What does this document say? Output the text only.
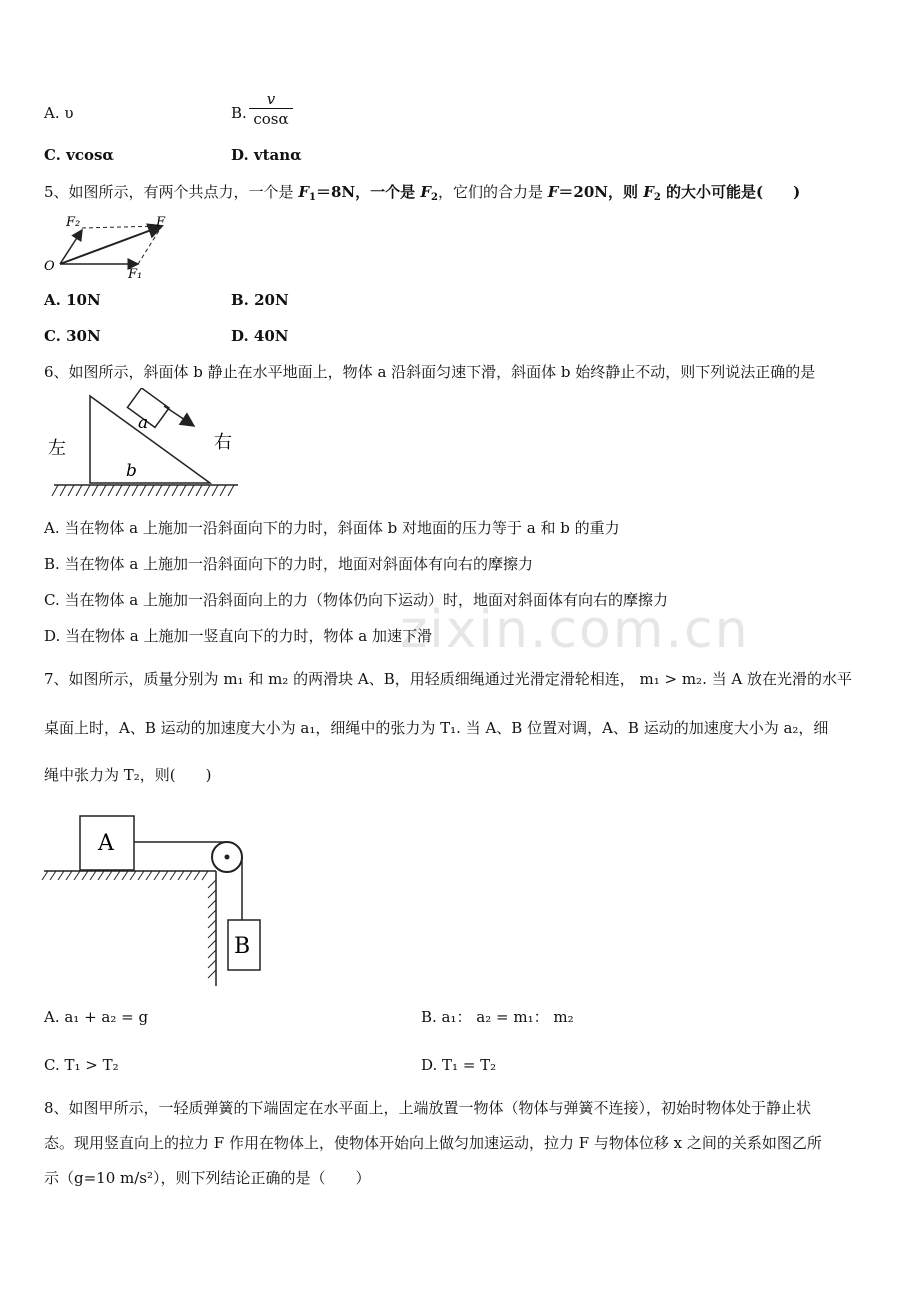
zixin.com.cn
A. υ	B. $\frac{v}{\cos\alpha}$
C. vcosα	D. vtanα
5、如图所示，有两个共点力，一个是 $F_1=8N$，一个是 $F_2$，它们的合力是 F＝20N，则 $F_2$ 的大小可能是(　　)
F₂	F
O
F₁
A. 10N	B. 20N
C. 30N	D. 40N
6、如图所示，斜面体 b 静止在水平地面上，物体 a 沿斜面匀速下滑，斜面体 b 始终静止不动，则下列说法正确的是
左	右
a
b
A. 当在物体 a 上施加一沿斜面向下的力时，斜面体 b 对地面的压力等于 a 和 b 的重力
B. 当在物体 a 上施加一沿斜面向下的力时，地面对斜面体有向右的摩擦力
C. 当在物体 a 上施加一沿斜面向上的力（物体仍向下运动）时，地面对斜面体有向右的摩擦力
D. 当在物体 a 上施加一竖直向下的力时，物体 a 加速下滑
7、如图所示，质量分别为 m₁ 和 m₂ 的两滑块 A、B，用轻质细绳通过光滑定滑轮相连， m₁ > m₂. 当 A 放在光滑的水平
桌面上时，A、B 运动的加速度大小为 a₁，细绳中的张力为 T₁. 当 A、B 位置对调，A、B 运动的加速度大小为 a₂，细
绳中张力为 T₂，则(　　)
A
B
A. a₁ + a₂ = g	B. a₁： a₂ = m₁： m₂
C. T₁ > T₂	D. T₁ = T₂
8、如图甲所示，一轻质弹簧的下端固定在水平面上，上端放置一物体（物体与弹簧不连接），初始时物体处于静止状
态。现用竖直向上的拉力 F 作用在物体上，使物体开始向上做匀加速运动，拉力 F 与物体位移 x 之间的关系如图乙所
示（g=10 m/s²），则下列结论正确的是（　　）
